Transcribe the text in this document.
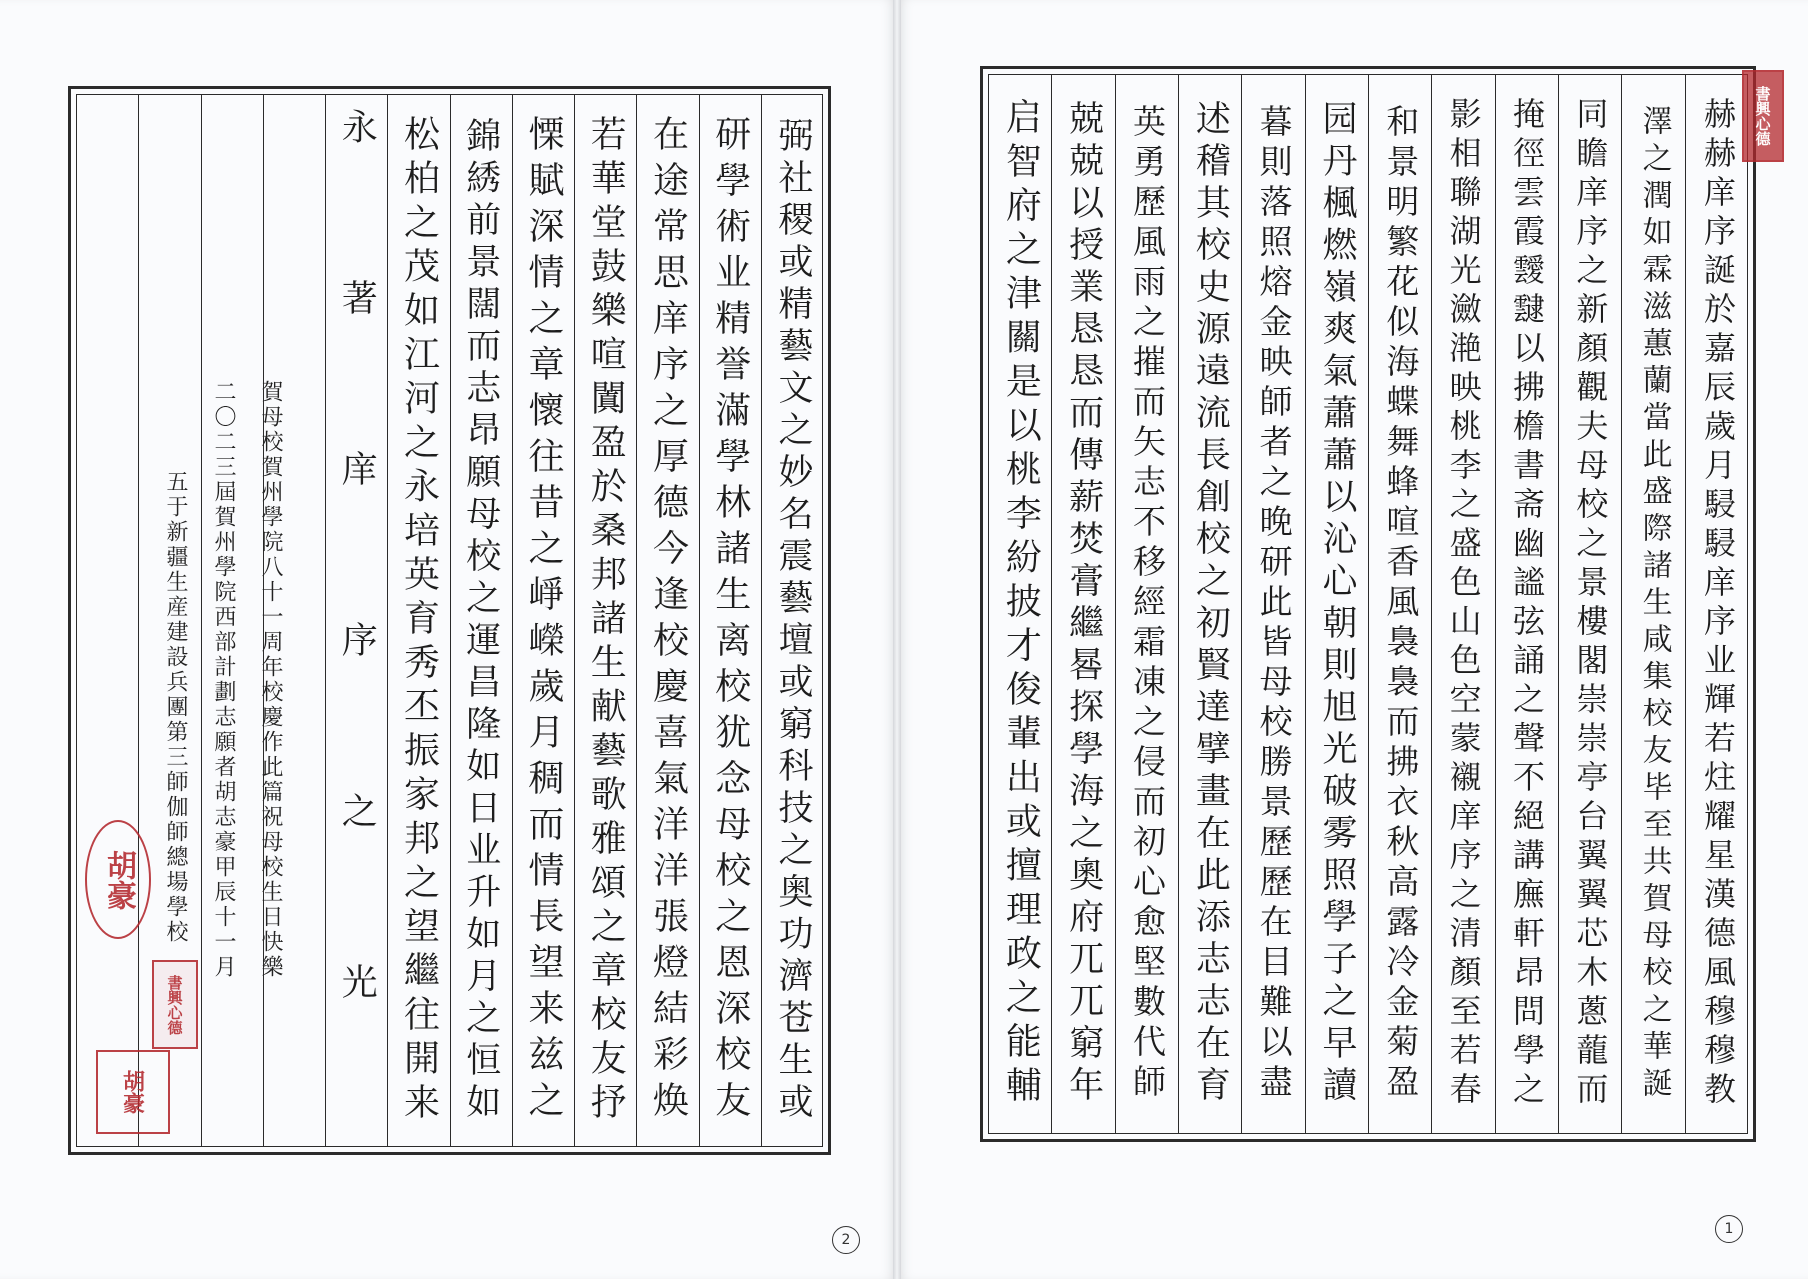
弼社稷或精藝文之妙名震藝壇或窮科技之奥功濟苍生或
研學術业精誉滿學林諸生离校犹念母校之恩深校友
在途常思庠序之厚德今逢校慶喜氣洋洋張燈結彩焕
若華堂鼓樂喧闐盈於桑邦諸生献藝歌雅頌之章校友抒
慄賦深情之章懷往昔之崢嶸歲月稠而情長望来兹之
錦綉前景闊而志昂願母校之運昌隆如日业升如月之恒如
松柏之茂如江河之永培英育秀丕振家邦之望繼往開来
永著庠序之光
賀母校賀州學院八十一周年校慶作此篇祝母校生日快樂
二〇二三屆賀州學院西部計劃志願者胡志豪甲辰十一月
五于新疆生産建設兵團第三師伽師總場學校
胡豪
書興心德
胡豪
2
赫赫庠序誕於嘉辰歲月駸駸庠序业輝若炷耀星漢德風穆穆教
澤之潤如霖滋蕙蘭當此盛際諸生咸集校友毕至共賀母校之華誕
同瞻庠序之新顏觀夫母校之景樓閣崇崇亭台翼翼芯木蔥蘢而
掩徑雲霞靉靆以拂檐書斋幽謐弦誦之聲不絕講廡軒昂問學之
影相聯湖光瀲滟映桃李之盛色山色空蒙襯庠序之清顏至若春
和景明繁花似海蝶舞蜂喧香風裊裊而拂衣秋高露冷金菊盈
园丹楓燃嶺爽氣蕭蕭以沁心朝則旭光破雾照學子之早讀
暮則落照熔金映師者之晚研此皆母校勝景歷歷在目難以盡
述稽其校史源遠流長創校之初賢達擘畫在此添志志在育
英勇歷風雨之摧而矢志不移經霜凍之侵而初心愈堅數代師
兢兢以授業恳恳而傳薪焚膏繼晷探學海之奧府兀兀窮年
启智府之津關是以桃李紛披才俊輩出或擅理政之能輔	書興心德
1
